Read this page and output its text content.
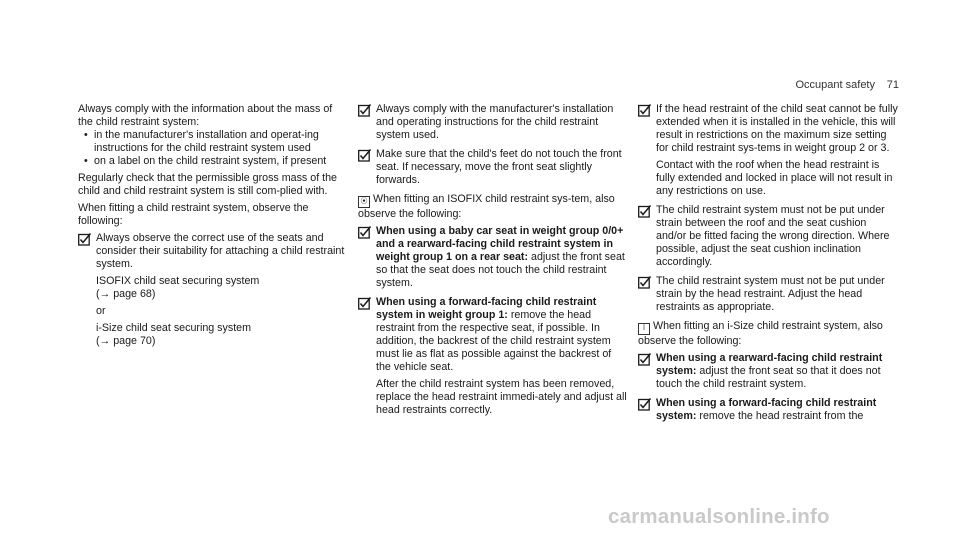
Occupant safety 71

Always comply with the information about the mass of the child restraint system:

• in the manufacturer's installation and operat-ing instructions for the child restraint system used

• on a label on the child restraint system, if present

Regularly check that the permissible gross mass of the child and child restraint system is still com-plied with.

When fitting a child restraint system, observe the following:

Always observe the correct use of the seats and consider their suitability for attaching a child restraint system.

ISOFIX child seat securing system

(→ page 68)

or

i-Size child seat securing system

(→ page 70)

Always comply with the manufacturer's installation and operating instructions for the child restraint system used.

Make sure that the child's feet do not touch the front seat. If necessary, move the front seat slightly forwards.

⦿ When fitting an ISOFIX child restraint sys-tem, also observe the following:

When using a baby car seat in weight group 0/0+ and a rearward-facing child restraint system in weight group 1 on a rear seat: adjust the front seat so that the seat does not touch the child restraint system.

When using a forward-facing child restraint system in weight group 1: remove the head restraint from the respective seat, if possible. In addition, the backrest of the child restraint system must lie as flat as possible against the backrest of the vehicle seat.

After the child restraint system has been removed, replace the head restraint immedi-ately and adjust all head restraints correctly.

If the head restraint of the child seat cannot be fully extended when it is installed in the vehicle, this will result in restrictions on the maximum size setting for child restraint sys-tems in weight group 2 or 3.

Contact with the roof when the head restraint is fully extended and locked in place will not result in any restrictions on use.

The child restraint system must not be put under strain between the roof and the seat cushion and/or be fitted facing the wrong direction. Where possible, adjust the seat cushion inclination accordingly.

The child restraint system must not be put under strain by the head restraint. Adjust the head restraints as appropriate.

ǐ When fitting an i-Size child restraint system, also observe the following:

When using a rearward-facing child restraint system: adjust the front seat so that it does not touch the child restraint system.

When using a forward-facing child restraint system: remove the head restraint from the

carmanualsonline.info
